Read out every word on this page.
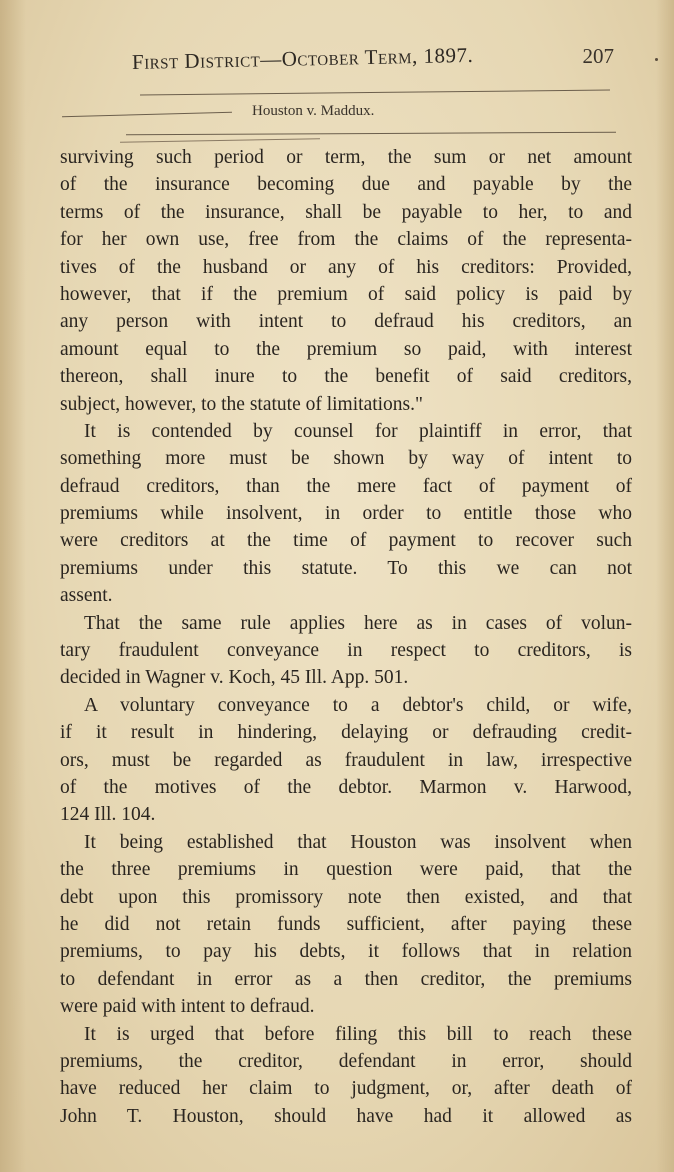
First District—October Term, 1897.	207
Houston v. Maddux.
surviving such period or term, the sum or net amount
of the insurance becoming due and payable by the
terms of the insurance, shall be payable to her, to and
for her own use, free from the claims of the representa-
tives of the husband or any of his creditors: Provided,
however, that if the premium of said policy is paid by
any person with intent to defraud his creditors, an
amount equal to the premium so paid, with interest
thereon, shall inure to the benefit of said creditors,
subject, however, to the statute of limitations."
It is contended by counsel for plaintiff in error, that
something more must be shown by way of intent to
defraud creditors, than the mere fact of payment of
premiums while insolvent, in order to entitle those who
were creditors at the time of payment to recover such
premiums under this statute. To this we can not
assent.
That the same rule applies here as in cases of volun-
tary fraudulent conveyance in respect to creditors, is
decided in Wagner v. Koch, 45 Ill. App. 501.
A voluntary conveyance to a debtor's child, or wife,
if it result in hindering, delaying or defrauding credit-
ors, must be regarded as fraudulent in law, irrespective
of the motives of the debtor. Marmon v. Harwood,
124 Ill. 104.
It being established that Houston was insolvent when
the three premiums in question were paid, that the
debt upon this promissory note then existed, and that
he did not retain funds sufficient, after paying these
premiums, to pay his debts, it follows that in relation
to defendant in error as a then creditor, the premiums
were paid with intent to defraud.
It is urged that before filing this bill to reach these
premiums, the creditor, defendant in error, should
have reduced her claim to judgment, or, after death of
John T. Houston, should have had it allowed as
